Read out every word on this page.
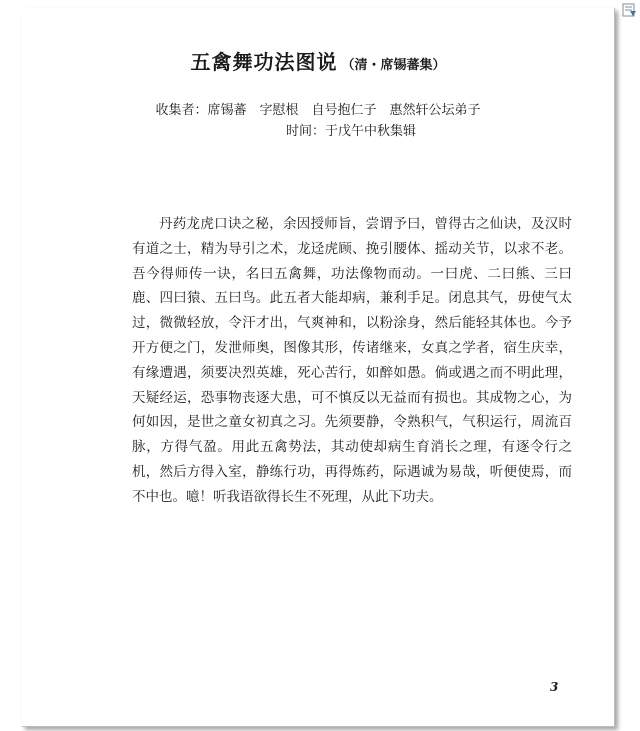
五禽舞功法图说 （清・席锡蕃集）
收集者：席锡蕃　字慰根　自号抱仁子　惠然轩公坛弟子
时间：于戊午中秋集辑

丹药龙虎口诀之秘，余因授师旨，尝谓予曰，曾得古之仙诀，及汉时有道之士，精为导引之术，龙迳虎顾、挽引腰体、摇动关节，以求不老。吾今得师传一诀，名曰五禽舞，功法像物而动。一曰虎、二曰熊、三曰鹿、四曰猿、五曰鸟。此五者大能却病，兼利手足。闭息其气，毋使气太过，微微轻放，令汗才出，气爽神和，以粉涂身，然后能轻其体也。今予开方便之门，发泄师奥，图像其形，传诸继来，女真之学者，宿生庆幸，有缘遭遇，须要决烈英雄，死心苦行，如醉如愚。倘或遇之而不明此理，天疑经运，恐事物丧逐大患，可不慎反以无益而有损也。其成物之心，为何如因，是世之童女初真之习。先须要静，令熟积气，气积运行，周流百脉，方得气盈。用此五禽势法，其动使却病生育消长之理，有逐令行之机，然后方得入室，静练行功，再得炼药，际遇诚为易哉，听便使焉，而不中也。噫！听我语欲得长生不死理，从此下功夫。

3
